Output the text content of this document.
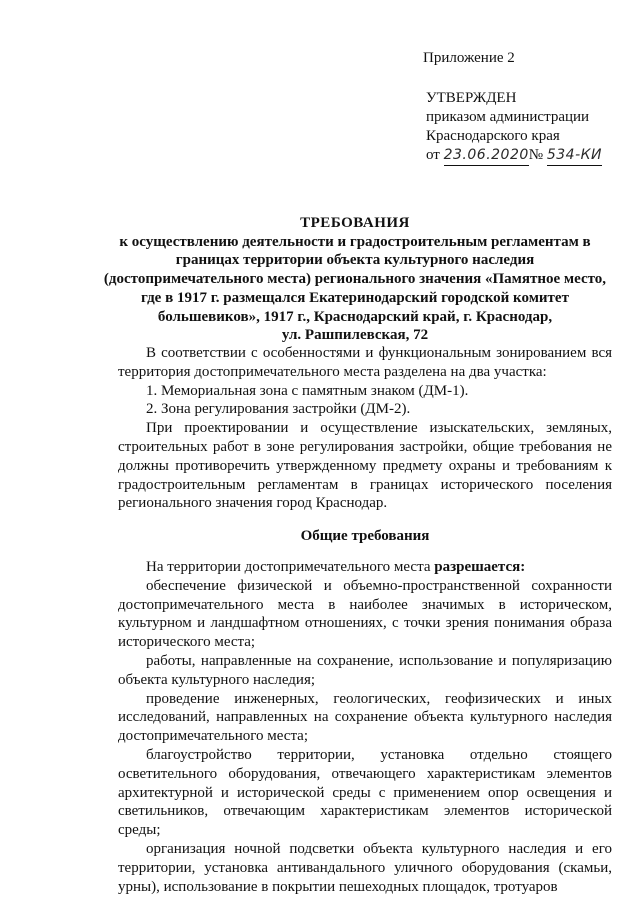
Приложение 2
УТВЕРЖДЕН
приказом администрации
Краснодарского края
от 23.06.2020№ 534-КИ
ТРЕБОВАНИЯ
к осуществлению деятельности и градостроительным регламентам в
границах территории объекта культурного наследия
(достопримечательного места) регионального значения «Памятное место,
где в 1917 г. размещался Екатеринодарский городской комитет
большевиков», 1917 г., Краснодарский край, г. Краснодар,
ул. Рашпилевская, 72

В соответствии с особенностями и функциональным зонированием вся территория достопримечательного места разделена на два участка:

1. Мемориальная зона с памятным знаком (ДМ-1).

2. Зона регулирования застройки (ДМ-2).

При проектировании и осуществление изыскательских, земляных, строительных работ в зоне регулирования застройки, общие требования не должны противоречить утвержденному предмету охраны и требованиям к градостроительным регламентам в границах исторического поселения регионального значения город Краснодар.

Общие требования

На территории достопримечательного места разрешается:

обеспечение физической и объемно-пространственной сохранности достопримечательного места в наиболее значимых в историческом, культурном и ландшафтном отношениях, с точки зрения понимания образа исторического места;

работы, направленные на сохранение, использование и популяризацию объекта культурного наследия;

проведение инженерных, геологических, геофизических и иных исследований, направленных на сохранение объекта культурного наследия достопримечательного места;

благоустройство территории, установка отдельно стоящего осветительного оборудования, отвечающего характеристикам элементов архитектурной и исторической среды с применением опор освещения и светильников, отвечающим характеристикам элементов исторической среды;

организация ночной подсветки объекта культурного наследия и его территории, установка антивандального уличного оборудования (скамьи, урны), использование в покрытии пешеходных площадок, тротуаров
